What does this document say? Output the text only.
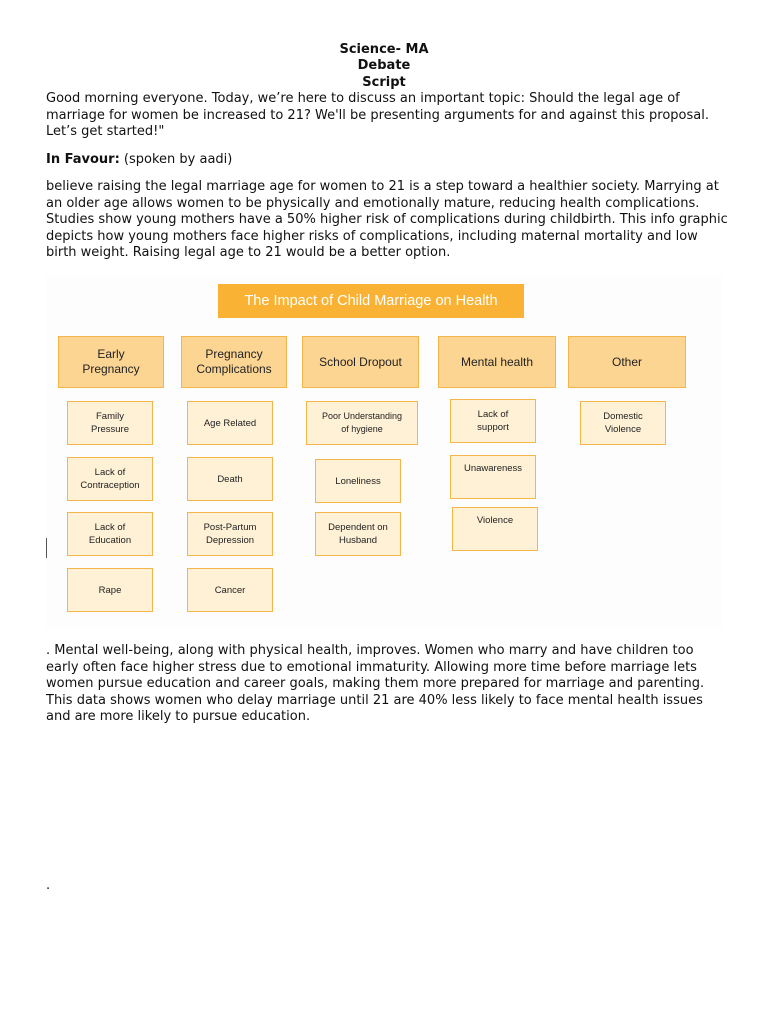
Science- MA
Debate
Script

Good morning everyone. Today, we’re here to discuss an important topic: Should the legal age of marriage for women be increased to 21? We'll be presenting arguments for and against this proposal. Let’s get started!"

In Favour: (spoken by aadi)

believe raising the legal marriage age for women to 21 is a step toward a healthier society. Marrying at an older age allows women to be physically and emotionally mature, reducing health complications. Studies show young mothers have a 50% higher risk of complications during childbirth. This info graphic depicts how young mothers face higher risks of complications, including maternal mortality and low birth weight. Raising legal age to 21 would be a better option.

The Impact of Child Marriage on Health
Early Pregnancy
Family Pressure
Lack of Contraception
Lack of Education
Rape
Pregnancy Complications
Age Related
Death
Post-Partum Depression
Cancer
School Dropout
Poor Understanding of hygiene
Loneliness
Dependent on Husband
Mental health
Lack of support
Unawareness
Violence
Other
Domestic Violence

. Mental well-being, along with physical health, improves. Women who marry and have children too early often face higher stress due to emotional immaturity. Allowing more time before marriage lets women pursue education and career goals, making them more prepared for marriage and parenting. This data shows women who delay marriage until 21 are 40% less likely to face mental health issues and are more likely to pursue education.

.
